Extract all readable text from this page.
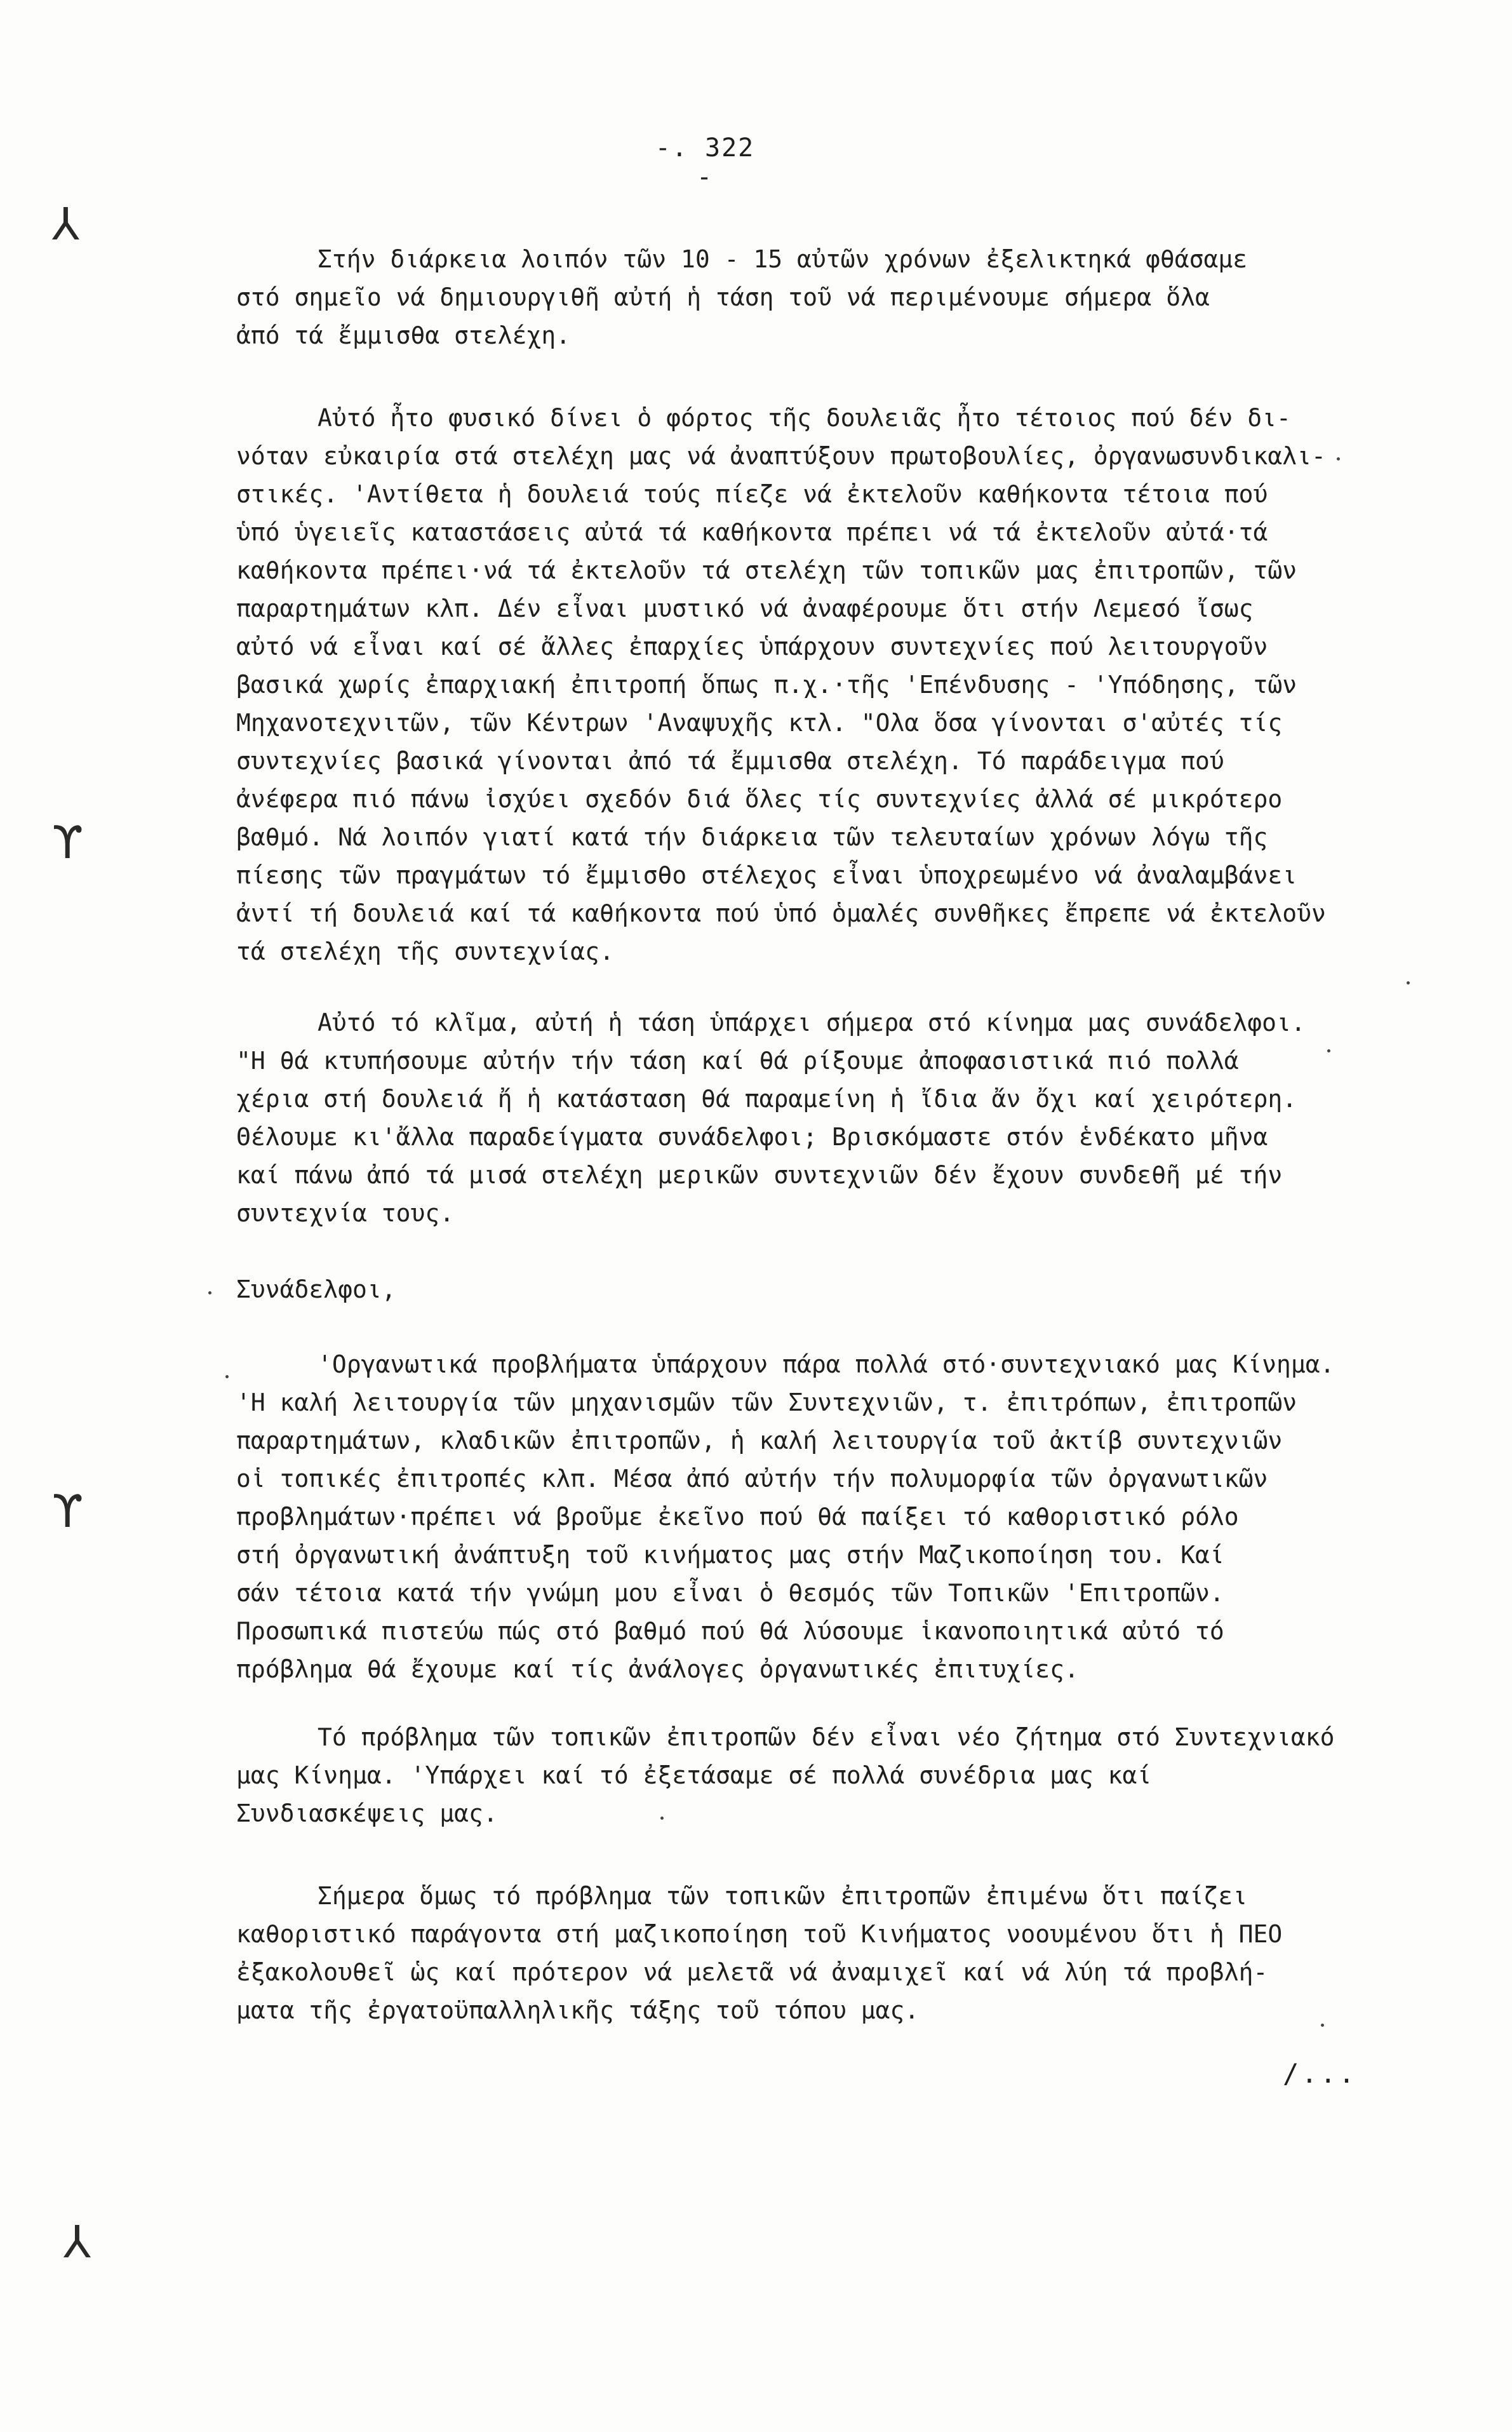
-. 322 -
⅄
ϒ
ϒ
⅄
Στήν διάρκεια λοιπόν τῶν 10 - 15 αὐτῶν χρόνων ἐξελικτηκά φθάσαμε
στό σημεῖο νά δημιουργιθῆ αὐτή ἡ τάση τοῦ νά περιμένουμε σήμερα ὅλα
ἀπό τά ἔμμισθα στελέχη.
Αὐτό ἦτο φυσικό δίνει ὁ φόρτος τῆς δουλειᾶς ἦτο τέτοιος πού δέν δι-
νόταν εὐκαιρία στά στελέχη μας νά ἀναπτύξουν πρωτοβουλίες, ὀργανωσυνδικαλι-
στικές. 'Αντίθετα ἡ δουλειά τούς πίεζε νά ἐκτελοῦν καθήκοντα τέτοια πού
ὑπό ὑγειεῖς καταστάσεις αὐτά τά καθήκοντα πρέπει νά τά ἐκτελοῦν αὐτά·τά
καθήκοντα πρέπει·νά τά ἐκτελοῦν τά στελέχη τῶν τοπικῶν μας ἐπιτροπῶν, τῶν
παραρτημάτων κλπ. Δέν εἶναι μυστικό νά ἀναφέρουμε ὅτι στήν Λεμεσό ἴσως
αὐτό νά εἶναι καί σέ ἄλλες ἐπαρχίες ὑπάρχουν συντεχνίες πού λειτουργοῦν
βασικά χωρίς ἐπαρχιακή ἐπιτροπή ὅπως π.χ.·τῆς 'Επένδυσης - 'Υπόδησης, τῶν
Μηχανοτεχνιτῶν, τῶν Κέντρων 'Αναψυχῆς κτλ. "Ολα ὅσα γίνονται σ'αὐτές τίς
συντεχνίες βασικά γίνονται ἀπό τά ἔμμισθα στελέχη. Τό παράδειγμα πού
ἀνέφερα πιό πάνω ἰσχύει σχεδόν διά ὅλες τίς συντεχνίες ἀλλά σέ μικρότερο
βαθμό. Νά λοιπόν γιατί κατά τήν διάρκεια τῶν τελευταίων χρόνων λόγω τῆς
πίεσης τῶν πραγμάτων τό ἔμμισθο στέλεχος εἶναι ὑποχρεωμένο νά ἀναλαμβάνει
ἀντί τή δουλειά καί τά καθήκοντα πού ὑπό ὁμαλές συνθῆκες ἔπρεπε νά ἐκτελοῦν
τά στελέχη τῆς συντεχνίας.
Αὐτό τό κλῖμα, αὐτή ἡ τάση ὑπάρχει σήμερα στό κίνημα μας συνάδελφοι.
"Η θά κτυπήσουμε αὐτήν τήν τάση καί θά ρίξουμε ἀποφασιστικά πιό πολλά
χέρια στή δουλειά ἤ ἡ κατάσταση θά παραμείνη ἡ ἴδια ἄν ὄχι καί χειρότερη.
Θέλουμε κι'ἄλλα παραδείγματα συνάδελφοι; Βρισκόμαστε στόν ἑνδέκατο μῆνα
καί πάνω ἀπό τά μισά στελέχη μερικῶν συντεχνιῶν δέν ἔχουν συνδεθῆ μέ τήν
συντεχνία τους.
Συνάδελφοι,
'Οργανωτικά προβλήματα ὑπάρχουν πάρα πολλά στό·συντεχνιακό μας Κίνημα.
'Η καλή λειτουργία τῶν μηχανισμῶν τῶν Συντεχνιῶν, τ. ἐπιτρόπων, ἐπιτροπῶν
παραρτημάτων, κλαδικῶν ἐπιτροπῶν, ἡ καλή λειτουργία τοῦ ἀκτίβ συντεχνιῶν
οἱ τοπικές ἐπιτροπές κλπ. Μέσα ἀπό αὐτήν τήν πολυμορφία τῶν ὀργανωτικῶν
προβλημάτων·πρέπει νά βροῦμε ἐκεῖνο πού θά παίξει τό καθοριστικό ρόλο
στή ὀργανωτική ἀνάπτυξη τοῦ κινήματος μας στήν Μαζικοποίηση του. Καί
σάν τέτοια κατά τήν γνώμη μου εἶναι ὁ θεσμός τῶν Τοπικῶν 'Επιτροπῶν.
Προσωπικά πιστεύω πώς στό βαθμό πού θά λύσουμε ἱκανοποιητικά αὐτό τό
πρόβλημα θά ἔχουμε καί τίς ἀνάλογες ὀργανωτικές ἐπιτυχίες.
Τό πρόβλημα τῶν τοπικῶν ἐπιτροπῶν δέν εἶναι νέο ζήτημα στό Συντεχνιακό
μας Κίνημα. 'Υπάρχει καί τό ἐξετάσαμε σέ πολλά συνέδρια μας καί
Συνδιασκέψεις μας.
Σήμερα ὅμως τό πρόβλημα τῶν τοπικῶν ἐπιτροπῶν ἐπιμένω ὅτι παίζει
καθοριστικό παράγοντα στή μαζικοποίηση τοῦ Κινήματος νοουμένου ὅτι ἡ ΠΕΟ
ἐξακολουθεῖ ὡς καί πρότερον νά μελετᾶ νά ἀναμιχεῖ καί νά λύη τά προβλή-
ματα τῆς ἐργατοϋπαλληλικῆς τάξης τοῦ τόπου μας.
/...
